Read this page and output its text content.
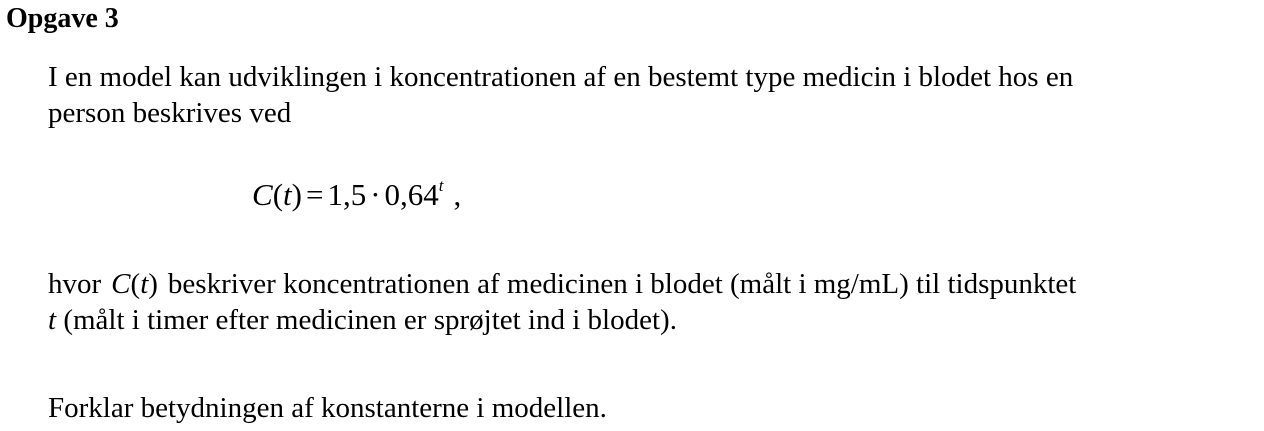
Opgave 3
I en model kan udviklingen i koncentrationen af en bestemt type medicin i blodet hos en
person beskrives ved
$C(t) = 1,5 \cdot 0,64^t$ ,
hvor C(t) beskriver koncentrationen af medicinen i blodet (målt i mg/mL) til tidspunktet
t (målt i timer efter medicinen er sprøjtet ind i blodet).
Forklar betydningen af konstanterne i modellen.
